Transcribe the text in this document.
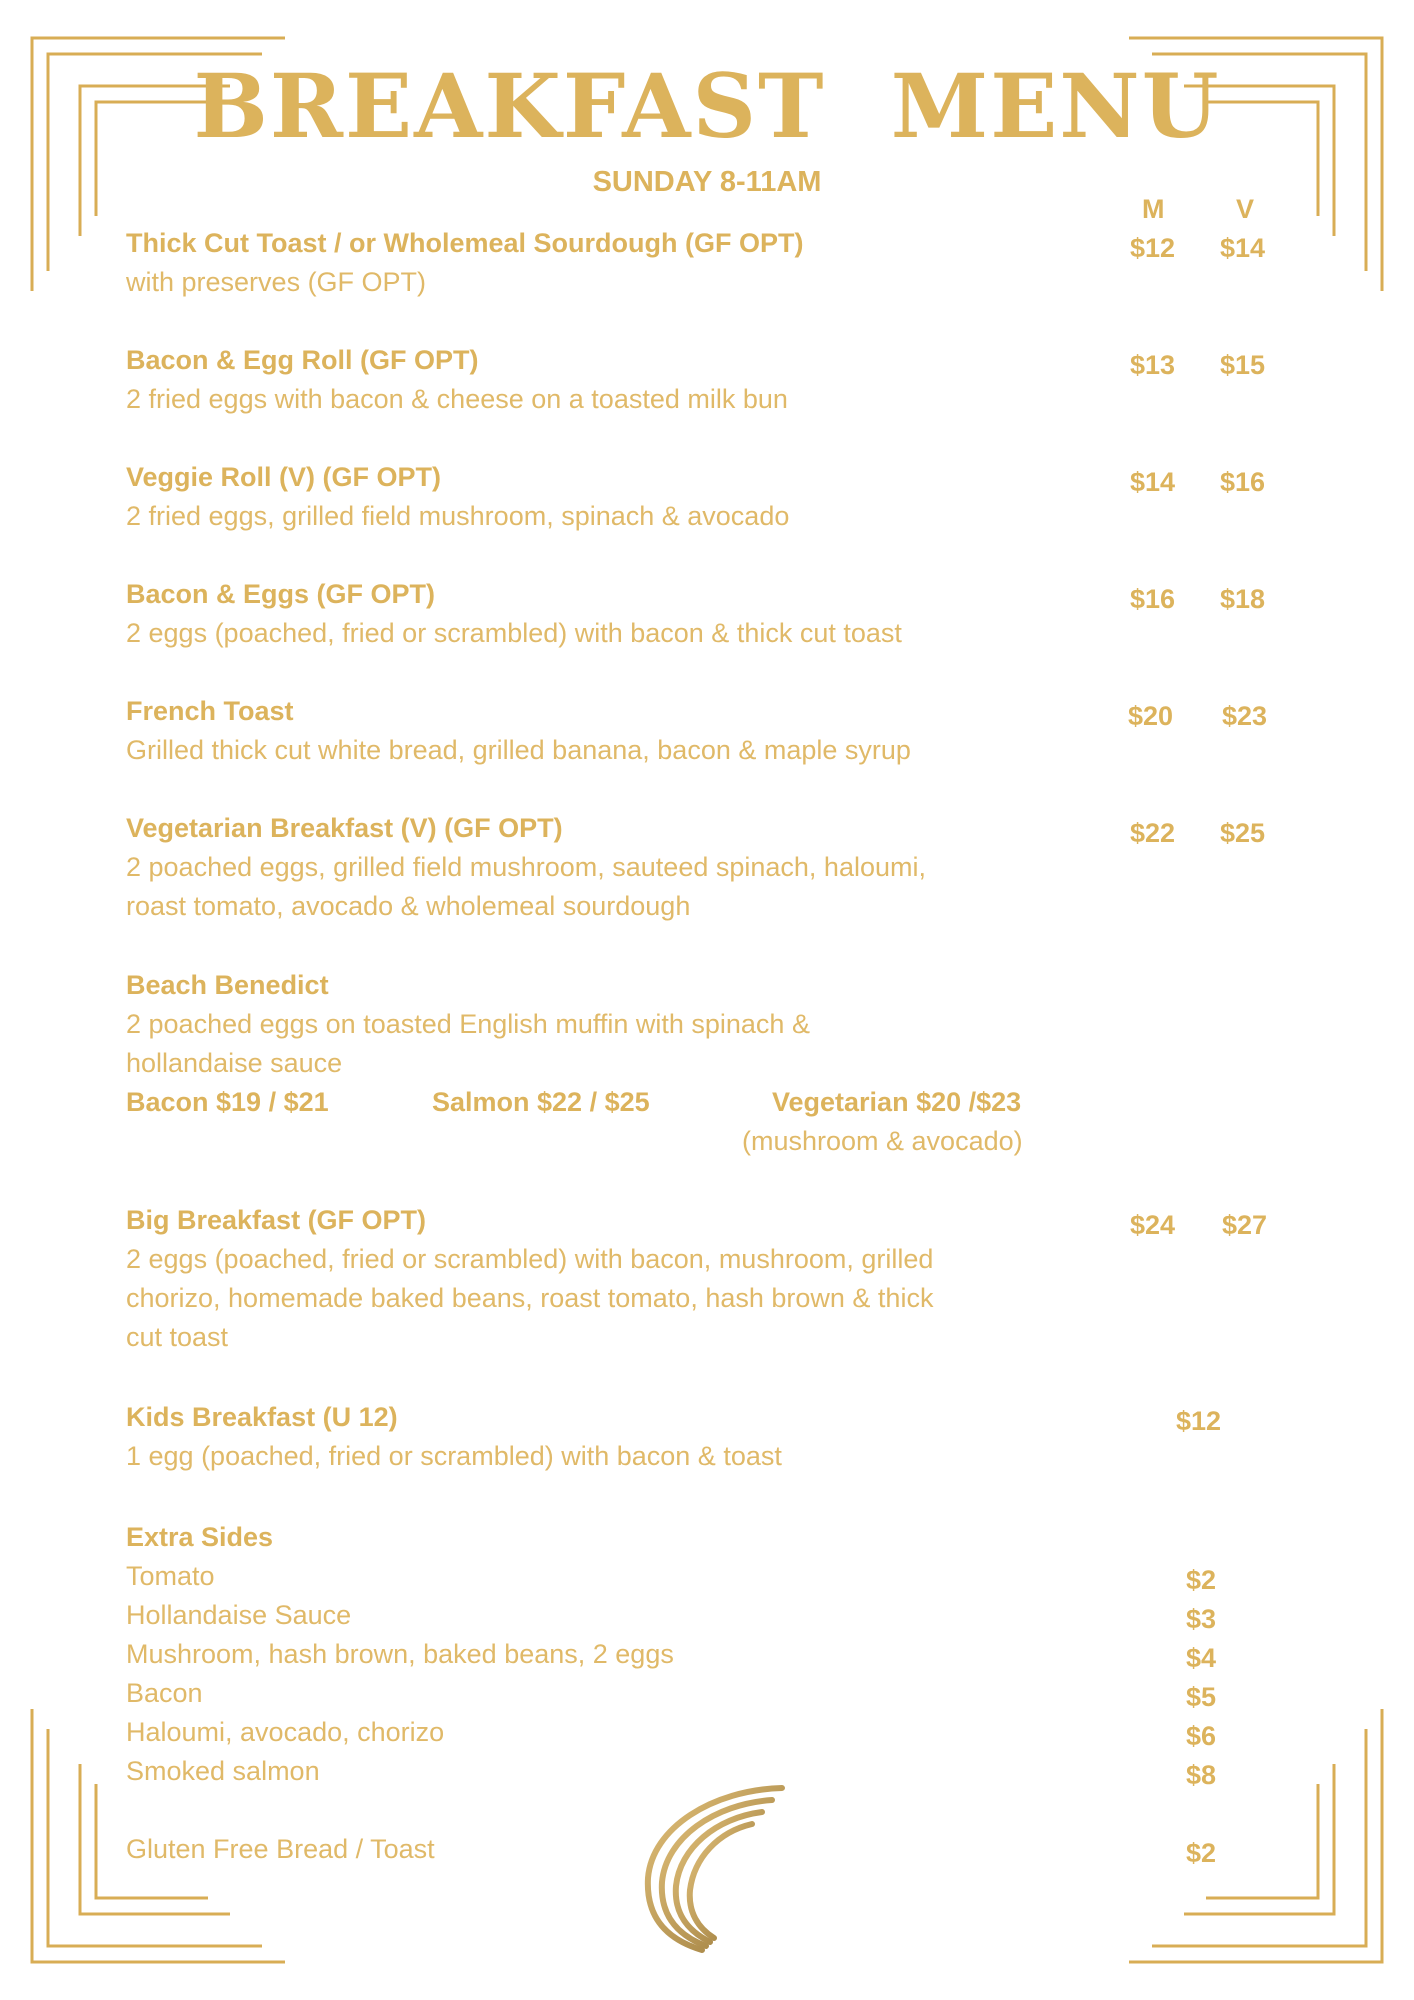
BREAKFAST  MENU
SUNDAY 8-11AM
M	V
Thick Cut Toast / or Wholemeal Sourdough (GF OPT)
with preserves (GF OPT)
$12 $14
Bacon & Egg Roll (GF OPT)
2 fried eggs with bacon & cheese on a toasted milk bun
$13 $15
Veggie Roll (V) (GF OPT)
2 fried eggs, grilled field mushroom, spinach & avocado
$14 $16
Bacon & Eggs (GF OPT)
2 eggs (poached, fried or scrambled) with bacon & thick cut toast
$16 $18
French Toast
Grilled thick cut white bread, grilled banana, bacon & maple syrup
$20 $23
Vegetarian Breakfast (V) (GF OPT)
2 poached eggs, grilled field mushroom, sauteed spinach, haloumi,
roast tomato, avocado & wholemeal sourdough
$22 $25
Beach Benedict
2 poached eggs on toasted English muffin with spinach &
hollandaise sauce
Bacon $19 / $21	Salmon $22 / $25	Vegetarian $20 /$23
(mushroom & avocado)
Big Breakfast (GF OPT)
2 eggs (poached, fried or scrambled) with bacon, mushroom, grilled
chorizo, homemade baked beans, roast tomato, hash brown & thick
cut toast
$24 $27
Kids Breakfast (U 12)
1 egg (poached, fried or scrambled) with bacon & toast
$12
Extra Sides
Tomato	$2
Hollandaise Sauce	$3
Mushroom, hash brown, baked beans, 2 eggs	$4
Bacon	$5
Haloumi, avocado, chorizo	$6
Smoked salmon	$8
Gluten Free Bread / Toast	$2
